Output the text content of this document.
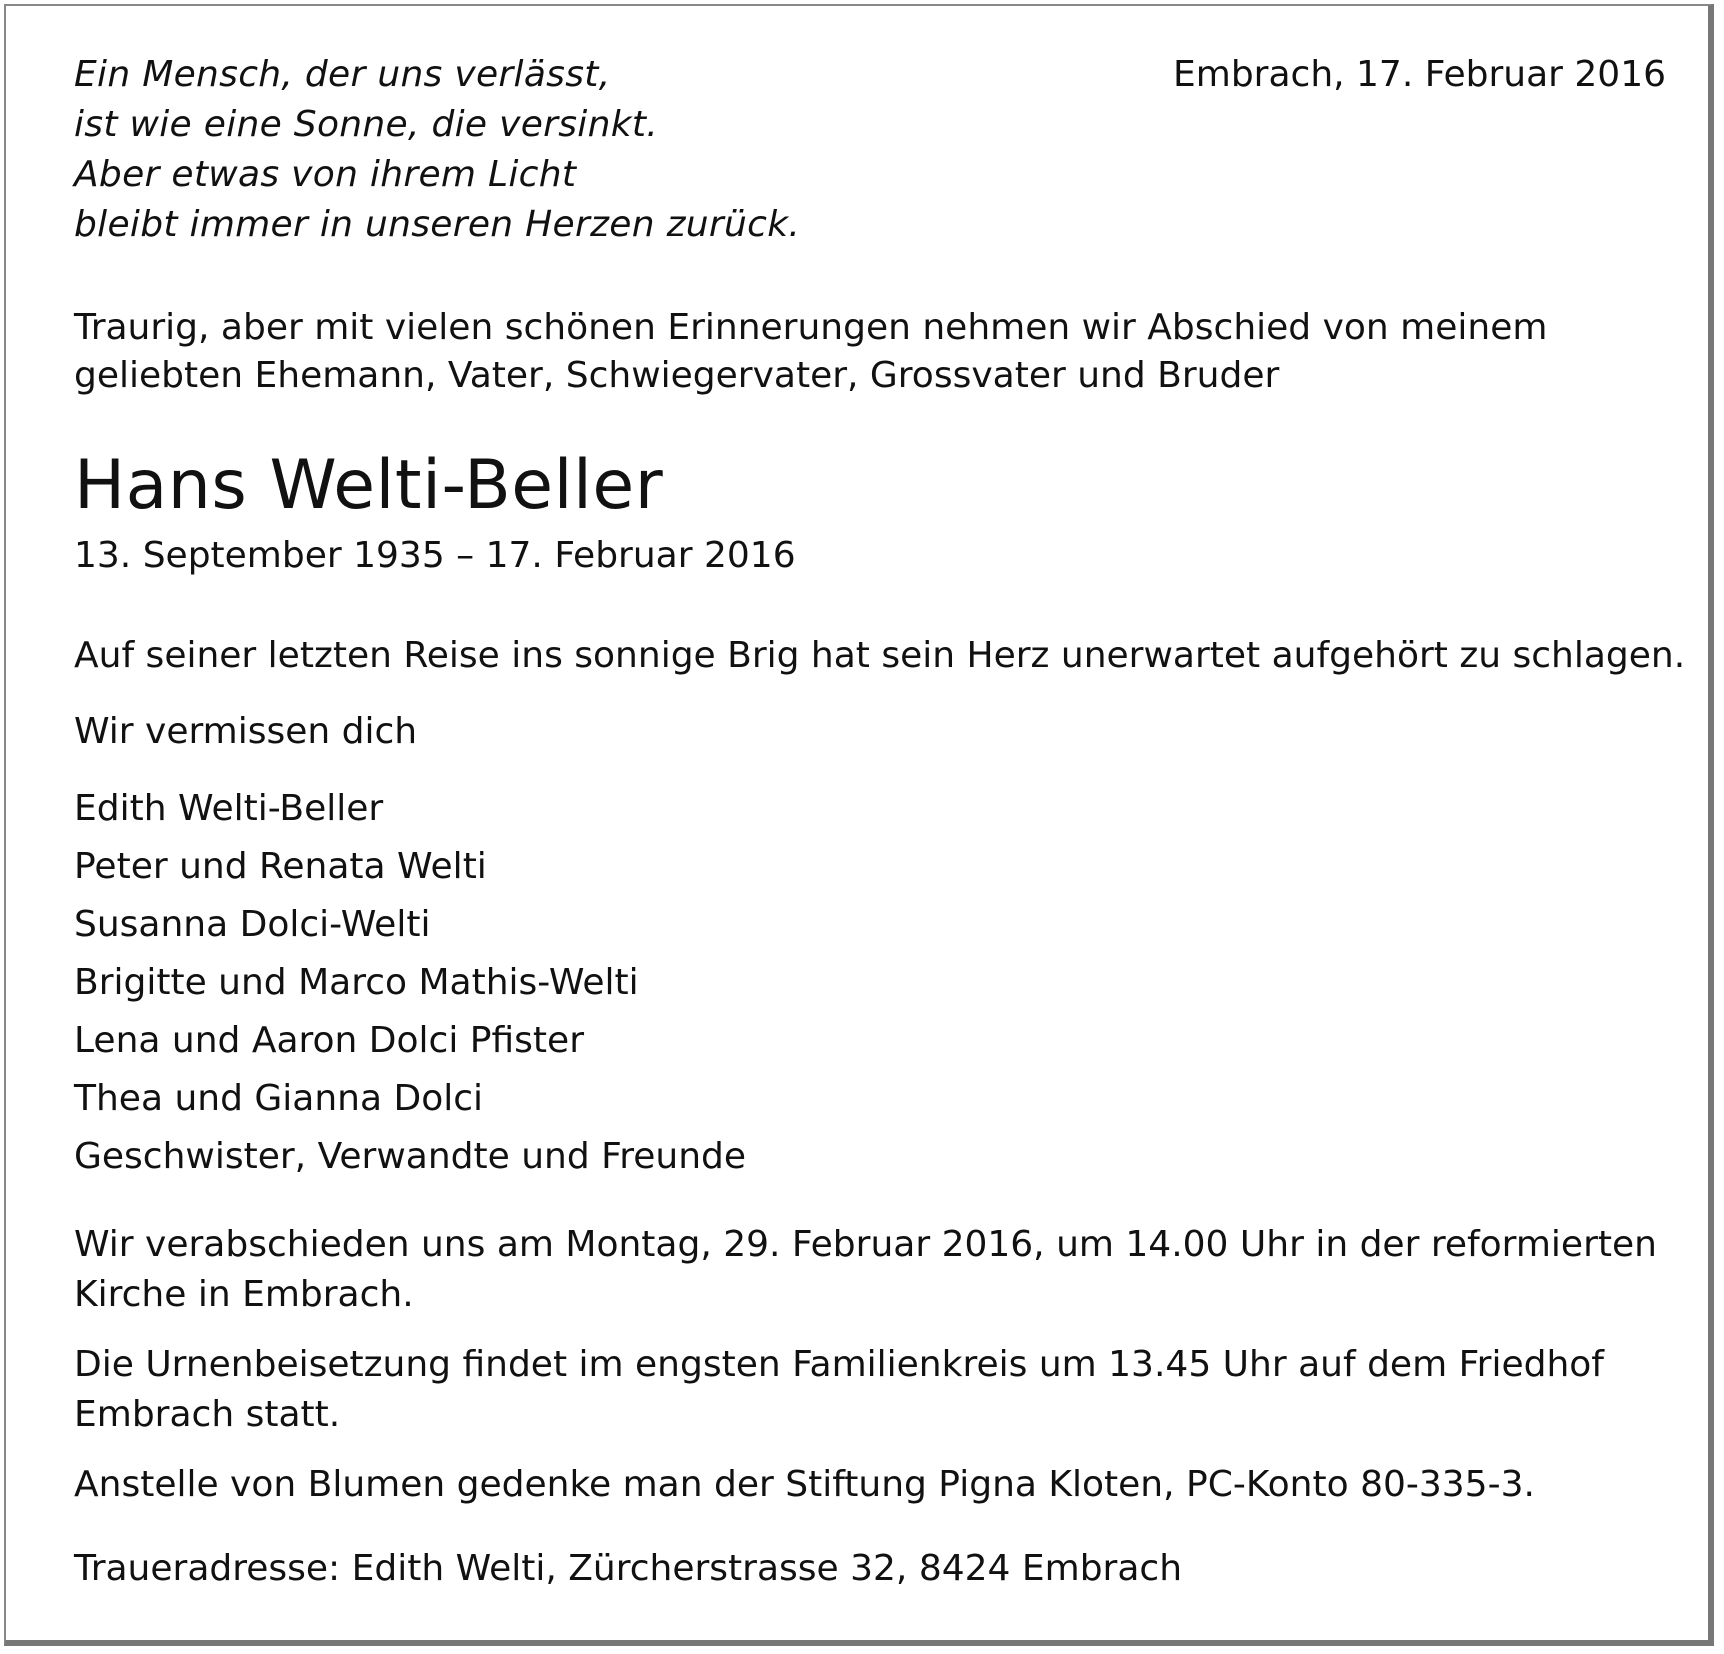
Ein Mensch, der uns verlässt,
ist wie eine Sonne, die versinkt.
Aber etwas von ihrem Licht
bleibt immer in unseren Herzen zurück.
Embrach, 17. Februar 2016
Traurig, aber mit vielen schönen Erinnerungen nehmen wir Abschied von meinem geliebten Ehemann, Vater, Schwiegervater, Grossvater und Bruder
Hans Welti-Beller
13. September 1935 – 17. Februar 2016
Auf seiner letzten Reise ins sonnige Brig hat sein Herz unerwartet aufgehört zu schlagen.
Wir vermissen dich
Edith Welti-Beller
Peter und Renata Welti
Susanna Dolci-Welti
Brigitte und Marco Mathis-Welti
Lena und Aaron Dolci Pfister
Thea und Gianna Dolci
Geschwister, Verwandte und Freunde
Wir verabschieden uns am Montag, 29. Februar 2016, um 14.00 Uhr in der reformierten Kirche in Embrach.
Die Urnenbeisetzung findet im engsten Familienkreis um 13.45 Uhr auf dem Friedhof Embrach statt.
Anstelle von Blumen gedenke man der Stiftung Pigna Kloten, PC-Konto 80-335-3.
Traueradresse: Edith Welti, Zürcherstrasse 32, 8424 Embrach
